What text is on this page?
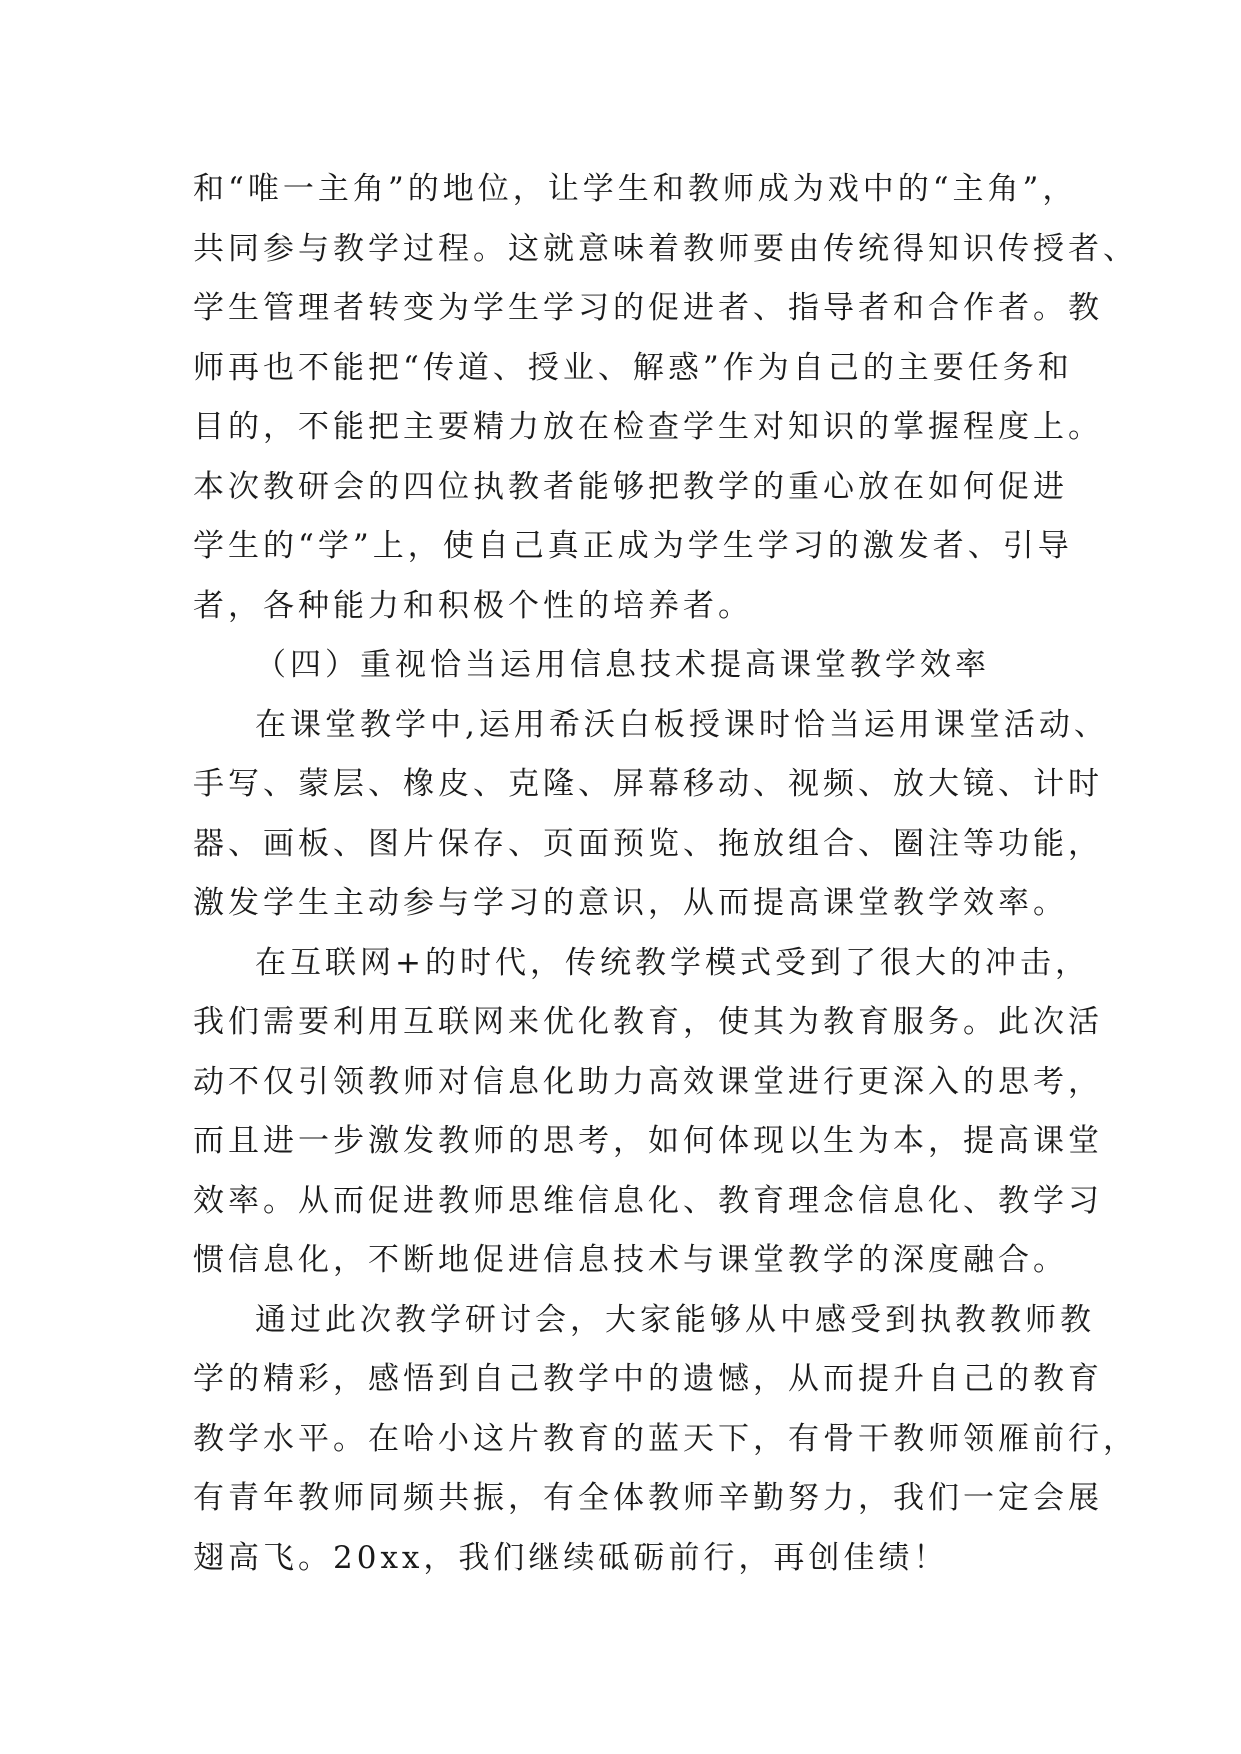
和“唯一主角”的地位，让学生和教师成为戏中的“主角”，
共同参与教学过程。这就意味着教师要由传统得知识传授者、
学生管理者转变为学生学习的促进者、指导者和合作者。教
师再也不能把“传道、授业、解惑”作为自己的主要任务和
目的，不能把主要精力放在检查学生对知识的掌握程度上。
本次教研会的四位执教者能够把教学的重心放在如何促进
学生的“学”上，使自己真正成为学生学习的激发者、引导
者，各种能力和积极个性的培养者。
（四）重视恰当运用信息技术提高课堂教学效率
在课堂教学中,运用希沃白板授课时恰当运用课堂活动、
手写、蒙层、橡皮、克隆、屏幕移动、视频、放大镜、计时
器、画板、图片保存、页面预览、拖放组合、圈注等功能，
激发学生主动参与学习的意识，从而提高课堂教学效率。
在互联网+的时代，传统教学模式受到了很大的冲击，
我们需要利用互联网来优化教育，使其为教育服务。此次活
动不仅引领教师对信息化助力高效课堂进行更深入的思考，
而且进一步激发教师的思考，如何体现以生为本，提高课堂
效率。从而促进教师思维信息化、教育理念信息化、教学习
惯信息化，不断地促进信息技术与课堂教学的深度融合。
通过此次教学研讨会，大家能够从中感受到执教教师教
学的精彩，感悟到自己教学中的遗憾，从而提升自己的教育
教学水平。在哈小这片教育的蓝天下，有骨干教师领雁前行，
有青年教师同频共振，有全体教师辛勤努力，我们一定会展
翅高飞。20xx，我们继续砥砺前行，再创佳绩！
